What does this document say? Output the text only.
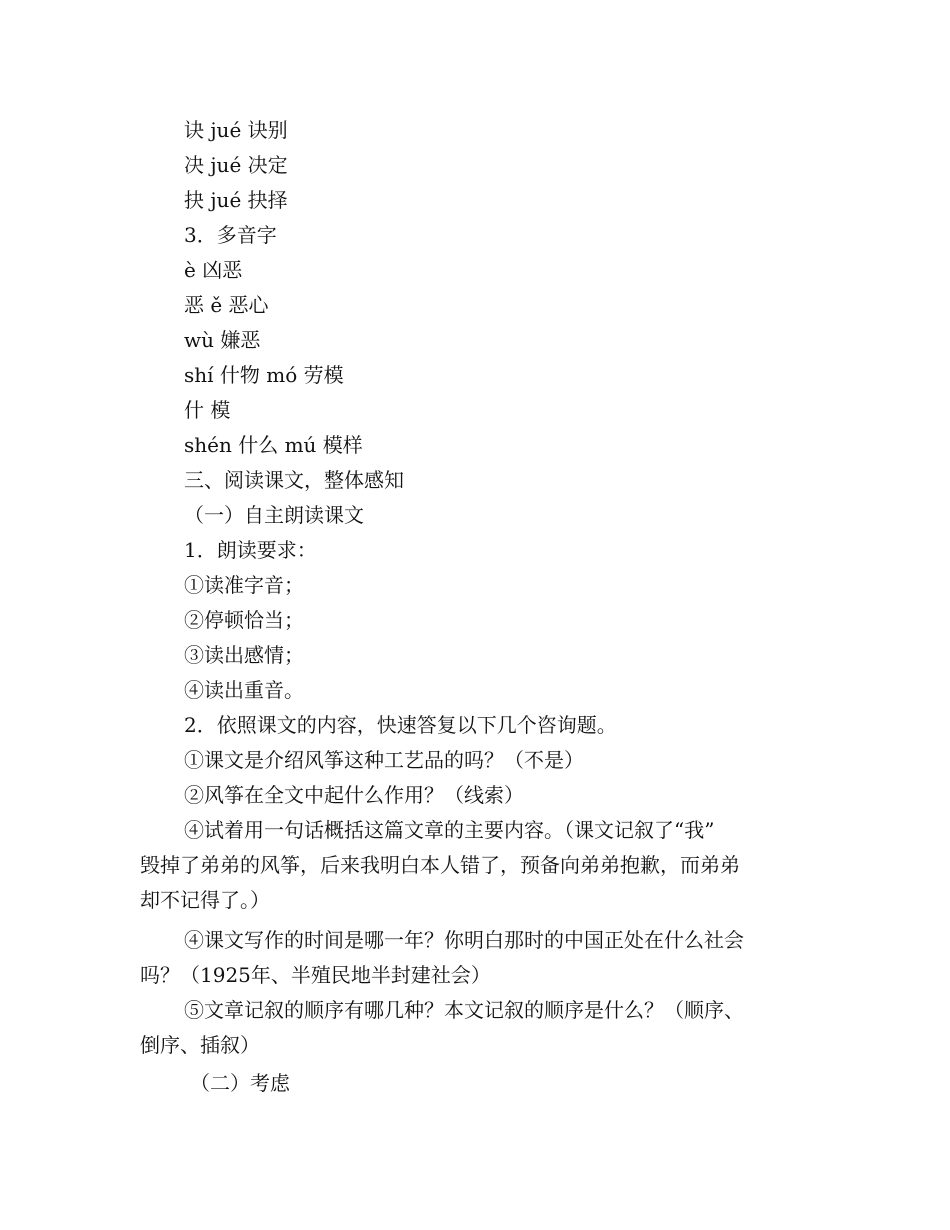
诀 jué 诀别
决 jué 决定
抉 jué 抉择
3．多音字
è 凶恶
恶 ě 恶心
wù 嫌恶
shí 什物 mó 劳模
什 模
shén 什么 mú 模样
三、阅读课文，整体感知
（一）自主朗读课文
1．朗读要求：
①读准字音；
②停顿恰当；
③读出感情；
④读出重音。
2．依照课文的内容，快速答复以下几个咨询题。
①课文是介绍风筝这种工艺品的吗？（不是）
②风筝在全文中起什么作用？（线索）
④试着用一句话概括这篇文章的主要内容。（课文记叙了“我”
毁掉了弟弟的风筝，后来我明白本人错了，预备向弟弟抱歉，而弟弟
却不记得了。）
④课文写作的时间是哪一年？你明白那时的中国正处在什么社会
吗？（1925年、半殖民地半封建社会）
⑤文章记叙的顺序有哪几种？本文记叙的顺序是什么？（顺序、
倒序、插叙）
（二）考虑
